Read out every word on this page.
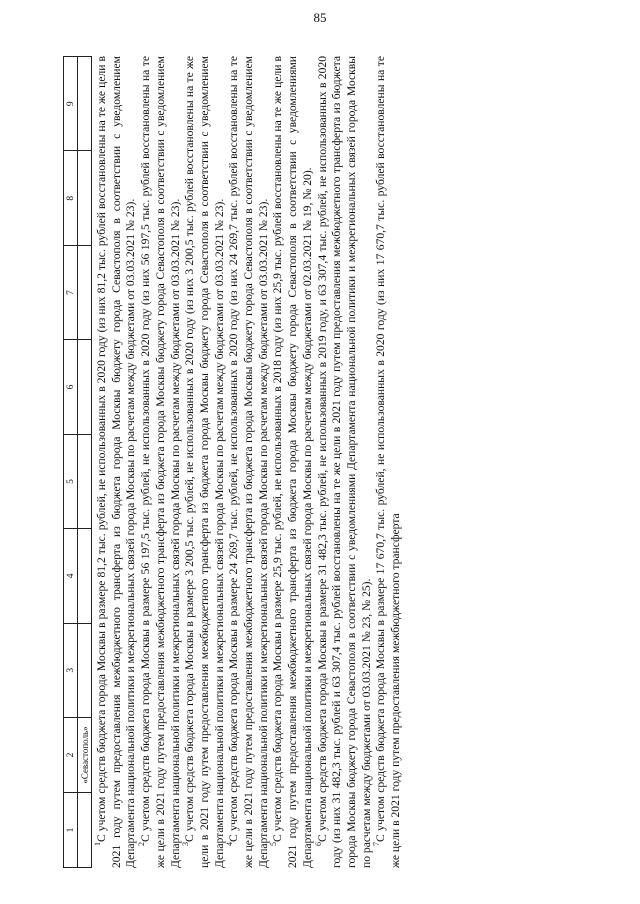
85
1	2	3	4	5	6	7	8	9
	«Севастополь»							

$^1$С учетом средств бюджета города Москвы в размере 81,2 тыс. рублей, не использованных в 2020 году (из них 81,2 тыс. рублей восстановлены на те же цели в 2021 году путем предоставления межбюджетного трансферта из бюджета города Москвы бюджету города Севастополя в соответствии с уведомлением Департамента национальной политики и межрегиональных связей города Москвы по расчетам между бюджетами от 03.03.2021 № 23). $^2$С учетом средств бюджета города Москвы в размере 56 197,5 тыс. рублей, не использованных в 2020 году (из них 56 197,5 тыс. рублей восстановлены на те же цели в 2021 году путем предоставления межбюджетного трансферта из бюджета города Москвы бюджету города Севастополя в соответствии с уведомлением Департамента национальной политики и межрегиональных связей города Москвы по расчетам между бюджетами от 03.03.2021 № 23). $^3$С учетом средств бюджета города Москвы в размере 3 200,5 тыс. рублей, не использованных в 2020 году (из них 3 200,5 тыс. рублей восстановлены на те же цели в 2021 году путем предоставления межбюджетного трансферта из бюджета города Москвы бюджету города Севастополя в соответствии с уведомлением Департамента национальной политики и межрегиональных связей города Москвы по расчетам между бюджетами от 03.03.2021 № 23). $^4$С учетом средств бюджета города Москвы в размере 24 269,7 тыс. рублей, не использованных в 2020 году (из них 24 269,7 тыс. рублей восстановлены на те же цели в 2021 году путем предоставления межбюджетного трансферта из бюджета города Москвы бюджету города Севастополя в соответствии с уведомлением Департамента национальной политики и межрегиональных связей города Москвы по расчетам между бюджетами от 03.03.2021 № 23). $^5$С учетом средств бюджета города Москвы в размере 25,9 тыс. рублей, не использованных в 2018 году (из них 25,9 тыс. рублей восстановлены на те же цели в 2021 году путем предоставления межбюджетного трансферта из бюджета города Москвы бюджету города Севастополя в соответствии с уведомлениями Департамента национальной политики и межрегиональных связей города Москвы по расчетам между бюджетами от 02.03.2021 № 19, № 20). $^6$С учетом средств бюджета города Москвы в размере 31 482,3 тыс. рублей, не использованных в 2019 году, и 63 307,4 тыс. рублей, не использованных в 2020 году (из них 31 482,3 тыс. рублей и 63 307,4 тыс. рублей восстановлены на те же цели в 2021 году путем предоставления межбюджетного трансферта из бюджета города Москвы бюджету города Севастополя в соответствии с уведомлениями Департамента национальной политики и межрегиональных связей города Москвы по расчетам между бюджетами от 03.03.2021 № 23, № 25). $^7$С учетом средств бюджета города Москвы в размере 17 670,7 тыс. рублей, не использованных в 2020 году (из них 17 670,7 тыс. рублей восстановлены на те же цели в 2021 году путем предоставления межбюджетного трансферта
